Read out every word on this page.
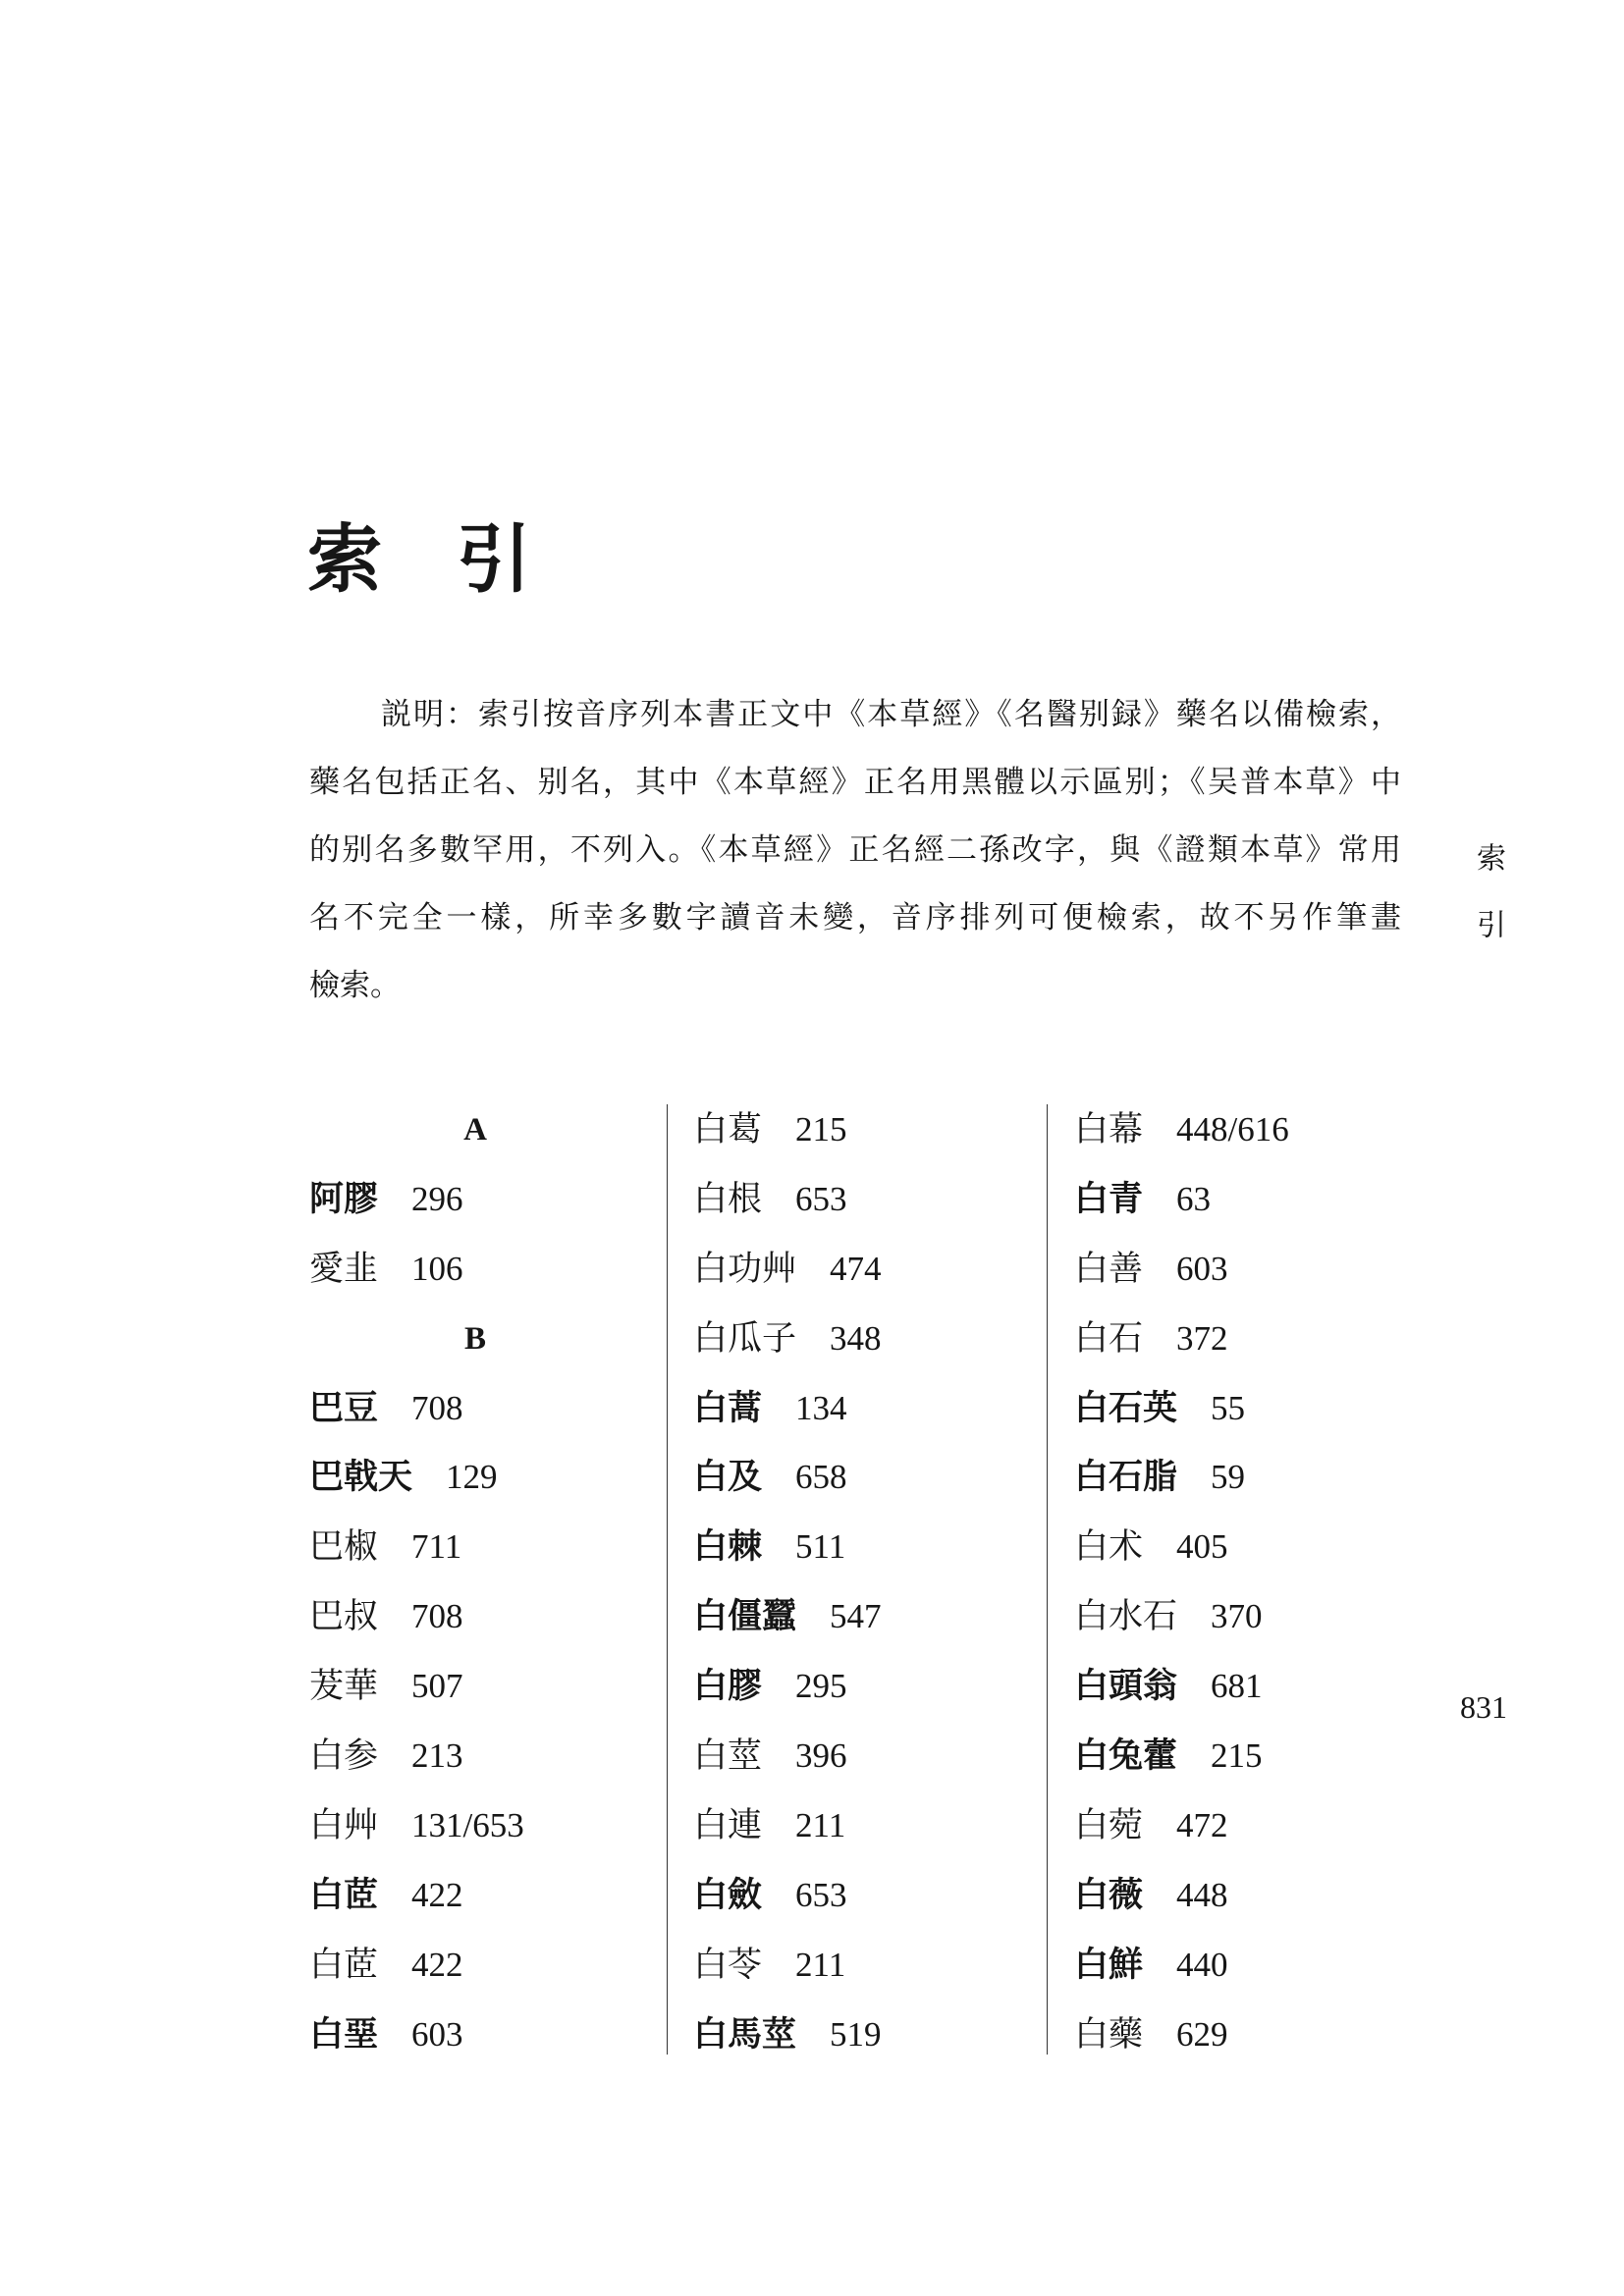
索　引
説明：索引按音序列本書正文中《本草經》《名醫别録》藥名以備檢索，
藥名包括正名、别名，其中《本草經》正名用黑體以示區别；《吴普本草》中
的别名多數罕用，不列入。《本草經》正名經二孫改字，與《證類本草》常用
名不完全一樣，所幸多數字讀音未變，音序排列可便檢索，故不另作筆畫
檢索。
索引
831
A
阿膠 296
愛韭 106
B
巴豆 708
巴戟天 129
巴椒 711
巴叔 708
茇華 507
白参 213
白艸 131/653
白茝 422
白茝 422
白堊 603
白葛 215
白根 653
白功艸 474
白瓜子 348
白蒿 134
白及 658
白棘 511
白僵蠶 547
白膠 295
白莖 396
白連 211
白斂 653
白苓 211
白馬莖 519
白幕 448/616
白青 63
白善 603
白石 372
白石英 55
白石脂 59
白术 405
白水石 370
白頭翁 681
白兔藿 215
白菀 472
白薇 448
白鮮 440
白藥 629
